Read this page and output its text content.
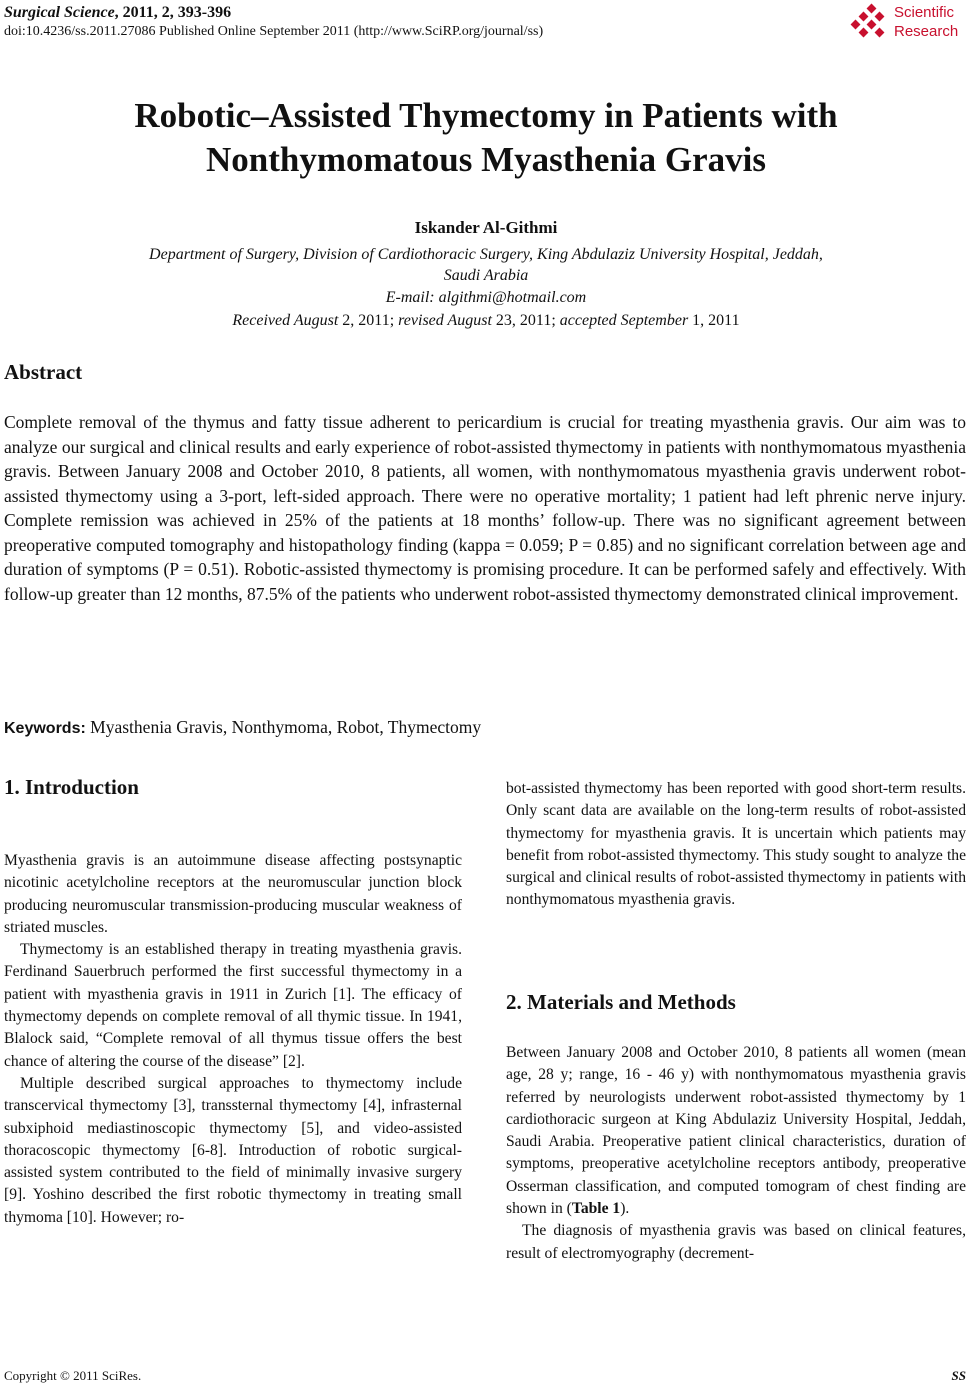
Surgical Science, 2011, 2, 393-396
doi:10.4236/ss.2011.27086 Published Online September 2011 (http://www.SciRP.org/journal/ss)
Scientific
Research
Robotic–Assisted Thymectomy in Patients with
Nonthymomatous Myasthenia Gravis
Iskander Al-Githmi
Department of Surgery, Division of Cardiothoracic Surgery, King Abdulaziz University Hospital, Jeddah,
Saudi Arabia
E-mail: algithmi@hotmail.com
Received August 2, 2011; revised August 23, 2011; accepted September 1, 2011
Abstract
Complete removal of the thymus and fatty tissue adherent to pericardium is crucial for treating myasthenia gravis. Our aim was to analyze our surgical and clinical results and early experience of robot-assisted thymectomy in patients with nonthymomatous myasthenia gravis. Between January 2008 and October 2010, 8 patients, all women, with nonthymomatous myasthenia gravis underwent robot-assisted thymectomy using a 3-port, left-sided approach. There were no operative mortality; 1 patient had left phrenic nerve injury. Complete remission was achieved in 25% of the patients at 18 months’ follow-up. There was no significant agreement between preoperative computed tomography and histopathology finding (kappa = 0.059; P = 0.85) and no significant correlation between age and duration of symptoms (P = 0.51). Robotic-assisted thymectomy is promising procedure. It can be performed safely and effectively. With follow-up greater than 12 months, 87.5% of the patients who underwent robot-assisted thymectomy demonstrated clinical improvement.
Keywords: Myasthenia Gravis, Nonthymoma, Robot, Thymectomy
1. Introduction

Myasthenia gravis is an autoimmune disease affecting postsynaptic nicotinic acetylcholine receptors at the neuromuscular junction block producing neuromuscular transmission-producing muscular weakness of striated muscles.

Thymectomy is an established therapy in treating myasthenia gravis. Ferdinand Sauerbruch performed the first successful thymectomy in a patient with myasthenia gravis in 1911 in Zurich [1]. The efficacy of thymectomy depends on complete removal of all thymic tissue. In 1941, Blalock said, “Complete removal of all thymus tissue offers the best chance of altering the course of the disease” [2].

Multiple described surgical approaches to thymectomy include transcervical thymectomy [3], transsternal thymectomy [4], infrasternal subxiphoid mediastinoscopic thymectomy [5], and video-assisted thoracoscopic thymectomy [6-8]. Introduction of robotic surgical-assisted system contributed to the field of minimally invasive surgery [9]. Yoshino described the first robotic thymectomy in treating small thymoma [10]. However; ro-

bot-assisted thymectomy has been reported with good short-term results. Only scant data are available on the long-term results of robot-assisted thymectomy for myasthenia gravis. It is uncertain which patients may benefit from robot-assisted thymectomy. This study sought to analyze the surgical and clinical results of robot-assisted thymectomy in patients with nonthymomatous myasthenia gravis.

2. Materials and Methods

Between January 2008 and October 2010, 8 patients all women (mean age, 28 y; range, 16 - 46 y) with nonthymomatous myasthenia gravis referred by neurologists underwent robot-assisted thymectomy by 1 cardiothoracic surgeon at King Abdulaziz University Hospital, Jeddah, Saudi Arabia. Preoperative patient clinical characteristics, duration of symptoms, preoperative acetylcholine receptors antibody, preoperative Osserman classification, and computed tomogram of chest finding are shown in (Table 1).

The diagnosis of myasthenia gravis was based on clinical features, result of electromyography (decrement-

Copyright © 2011 SciRes.	SS
